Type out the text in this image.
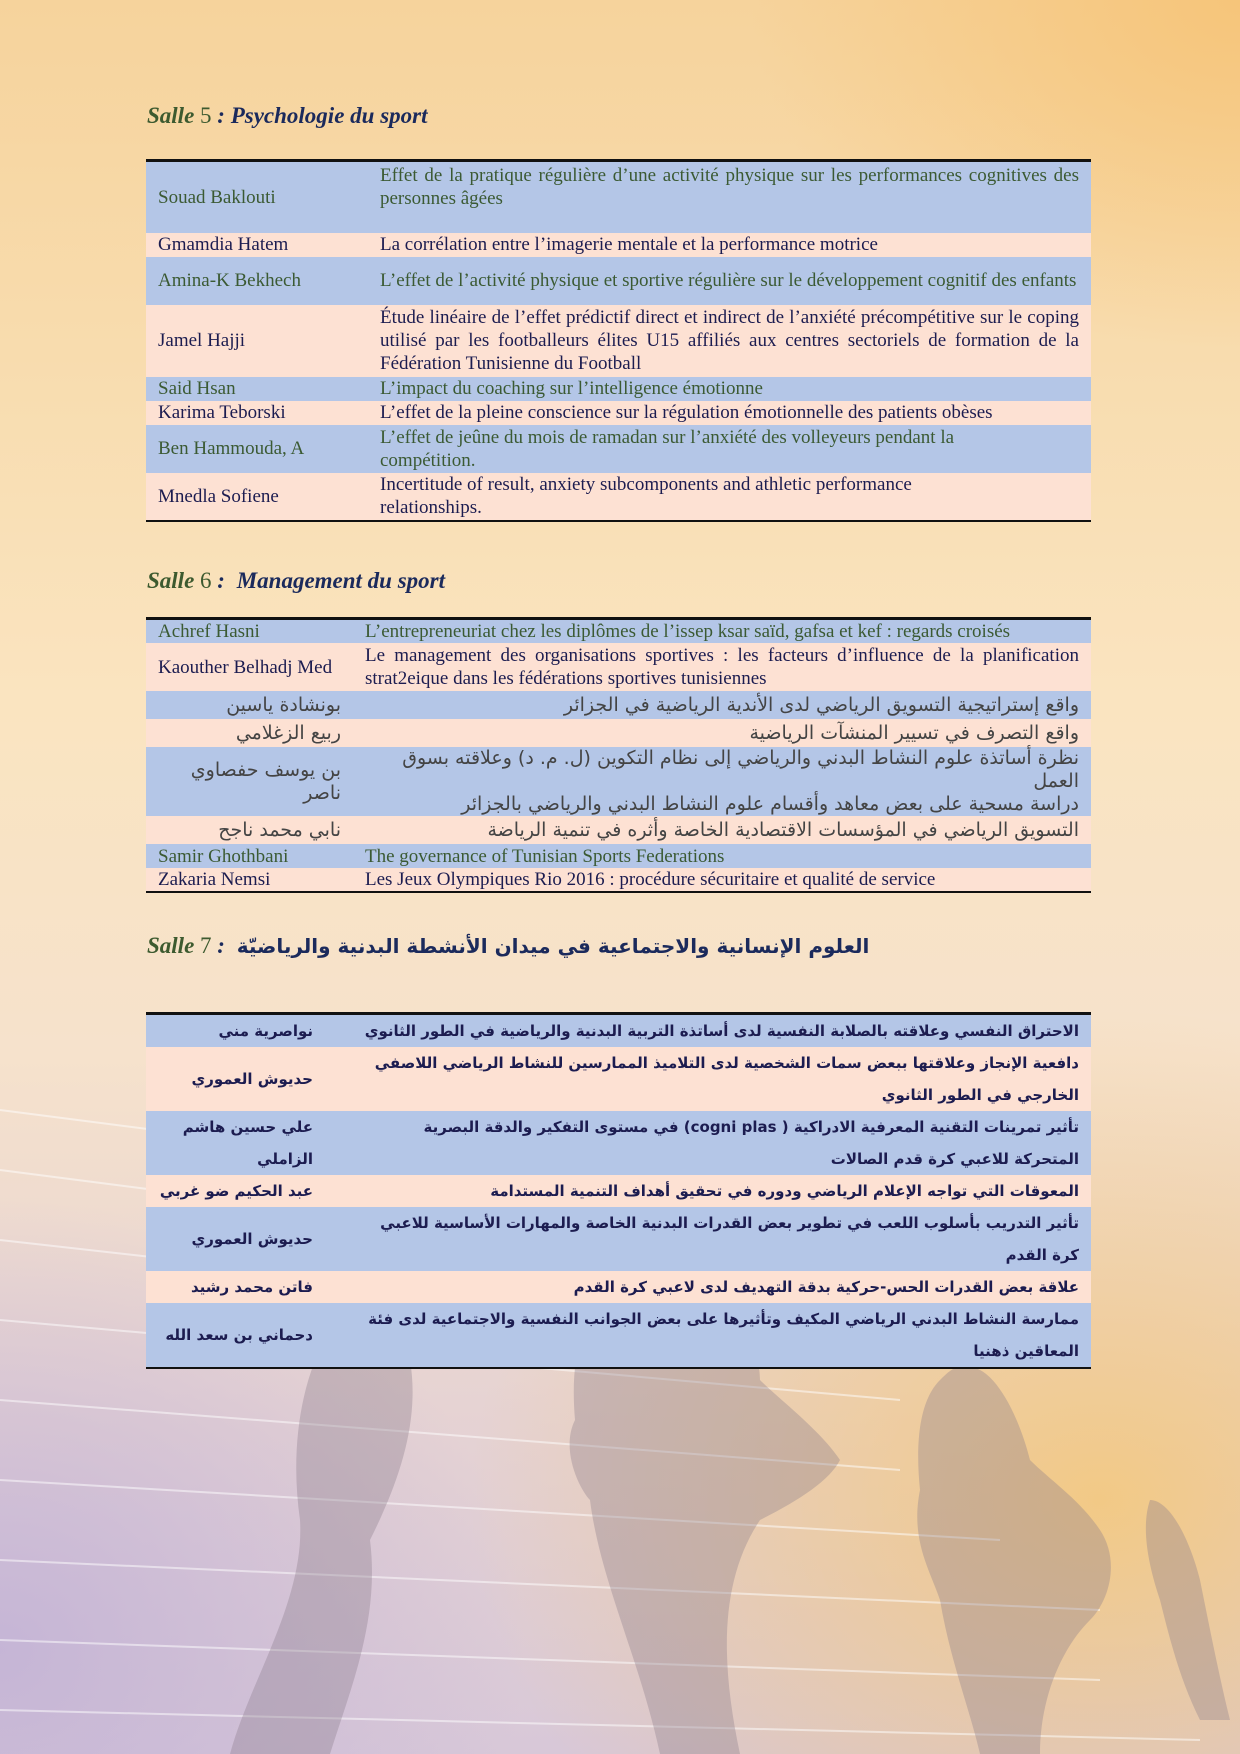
Salle 5 : Psychologie du sport
Souad Baklouti	Effet de la pratique régulière d’une activité physique sur les performances cognitives des personnes âgées
Gmamdia Hatem	La corrélation entre l’imagerie mentale et la performance motrice
Amina-K Bekhech	L’effet de l’activité physique et sportive régulière sur le développement cognitif des enfants
Jamel Hajji	Étude linéaire de l’effet prédictif direct et indirect de l’anxiété précompétitive sur le coping utilisé par les footballeurs élites U15 affiliés aux centres sectoriels de formation de la Fédération Tunisienne du Football
Said Hsan	L’impact du coaching sur l’intelligence émotionne
Karima Teborski	L’effet de la pleine conscience sur la régulation émotionnelle des patients obèses
Ben Hammouda, A	L’effet de jeûne du mois de ramadan sur l’anxiété des volleyeurs pendant la compétition.
Mnedla Sofiene	Incertitude of result, anxiety subcomponents and athletic performance relationships.
Salle 6 : Management du sport
Achref Hasni	L’entrepreneuriat chez les diplômes de l’issep ksar saïd, gafsa et kef : regards croisés
Kaouther Belhadj Med	Le management des organisations sportives : les facteurs d’influence de la planification strat2eique dans les fédérations sportives tunisiennes
بونشادة ياسين	واقع إستراتيجية التسويق الرياضي لدى الأندية الرياضية في الجزائر
ربيع الزغلامي	واقع التصرف في تسيير المنشآت الرياضية
بن يوسف حفصاوي ناصر	نظرة أساتذة علوم النشاط البدني والرياضي إلى نظام التكوين (ل. م. د) وعلاقته بسوق العمل
دراسة مسحية على بعض معاهد وأقسام علوم النشاط البدني والرياضي بالجزائر

نابي محمد ناجح	التسويق الرياضي في المؤسسات الاقتصادية الخاصة وأثره في تنمية الرياضة
Samir Ghothbani	The governance of Tunisian Sports Federations
Zakaria Nemsi	Les Jeux Olympiques Rio 2016 : procédure sécuritaire et qualité de service
Salle 7 : العلوم الإنسانية والاجتماعية في ميدان الأنشطة البدنية والرياضيّة
نواصرية مني	الاحتراق النفسي وعلاقته بالصلابة النفسية لدى أساتذة التربية البدنية والرياضية في الطور الثانوي
حديوش العموري	دافعية الإنجاز وعلاقتها ببعض سمات الشخصية لدى التلاميذ الممارسين للنشاط الرياضي اللاصفي الخارجي في الطور الثانوي
علي حسين هاشم الزاملي	تأثير تمرينات التقنية المعرفية الادراكية ( cogni plas) في مستوى التفكير والدقة البصرية المتحركة للاعبي كرة قدم الصالات
عبد الحكيم ضو غربي	المعوقات التي تواجه الإعلام الرياضي ودوره في تحقيق أهداف التنمية المستدامة
حديوش العموري	تأثير التدريب بأسلوب اللعب في تطوير بعض القدرات البدنية الخاصة والمهارات الأساسية للاعبي كرة القدم
فاتن محمد رشيد	علاقة بعض القدرات الحس-حركية بدقة التهديف لدى لاعبي كرة القدم
دحماني بن سعد الله	ممارسة النشاط البدني الرياضي المكيف وتأثيرها على بعض الجوانب النفسية والاجتماعية لدى فئة المعاقين ذهنيا
